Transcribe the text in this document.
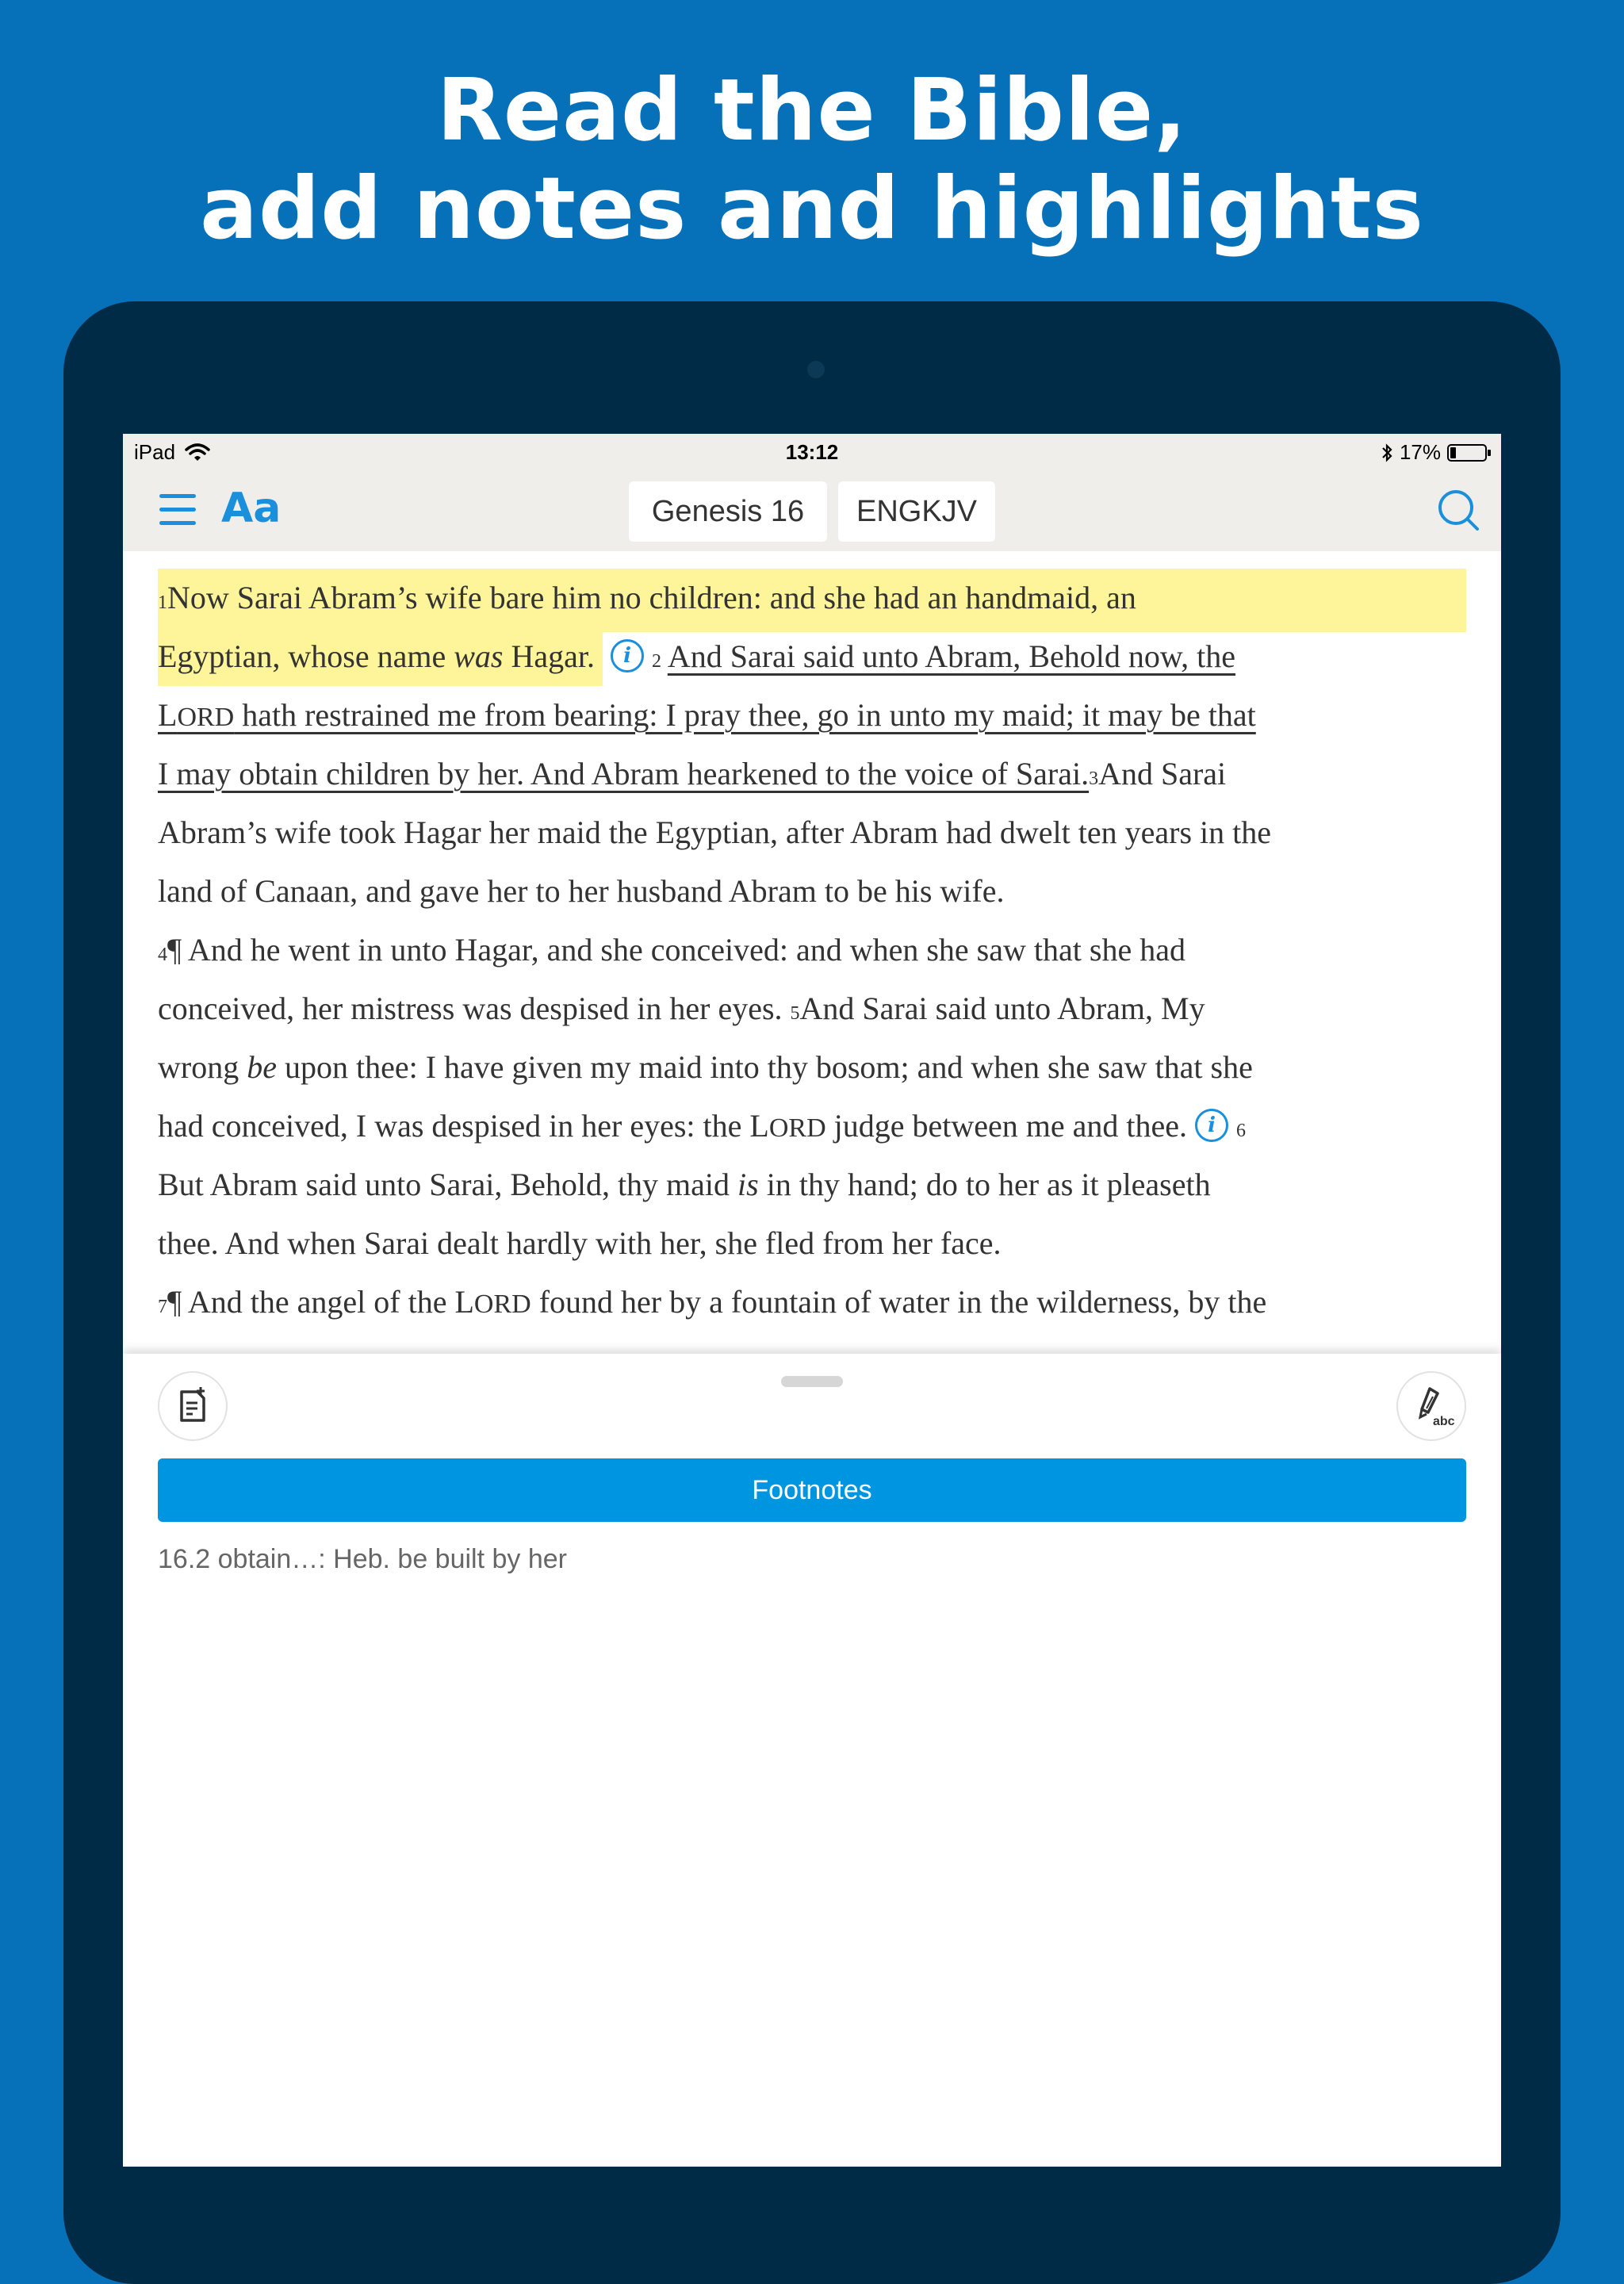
Read the Bible,
add notes and highlights
iPad	13:12	17%
Aa	Genesis 16	ENGKJV
1Now Sarai Abram’s wife bare him no children: and she had an handmaid, an
Egyptian, whose name was Hagar. i 2 And Sarai said unto Abram, Behold now, the
LORD hath restrained me from bearing: I pray thee, go in unto my maid; it may be that
I may obtain children by her. And Abram hearkened to the voice of Sarai.3And Sarai
Abram’s wife took Hagar her maid the Egyptian, after Abram had dwelt ten years in the
land of Canaan, and gave her to her husband Abram to be his wife.
4¶ And he went in unto Hagar, and she conceived: and when she saw that she had
conceived, her mistress was despised in her eyes. 5And Sarai said unto Abram, My
wrong be upon thee: I have given my maid into thy bosom; and when she saw that she
had conceived, I was despised in her eyes: the LORD judge between me and thee. i 6
But Abram said unto Sarai, Behold, thy maid is in thy hand; do to her as it pleaseth
thee. And when Sarai dealt hardly with her, she fled from her face.
7¶ And the angel of the LORD found her by a fountain of water in the wilderness, by the
abc
Footnotes
16.2 obtain…: Heb. be built by her
